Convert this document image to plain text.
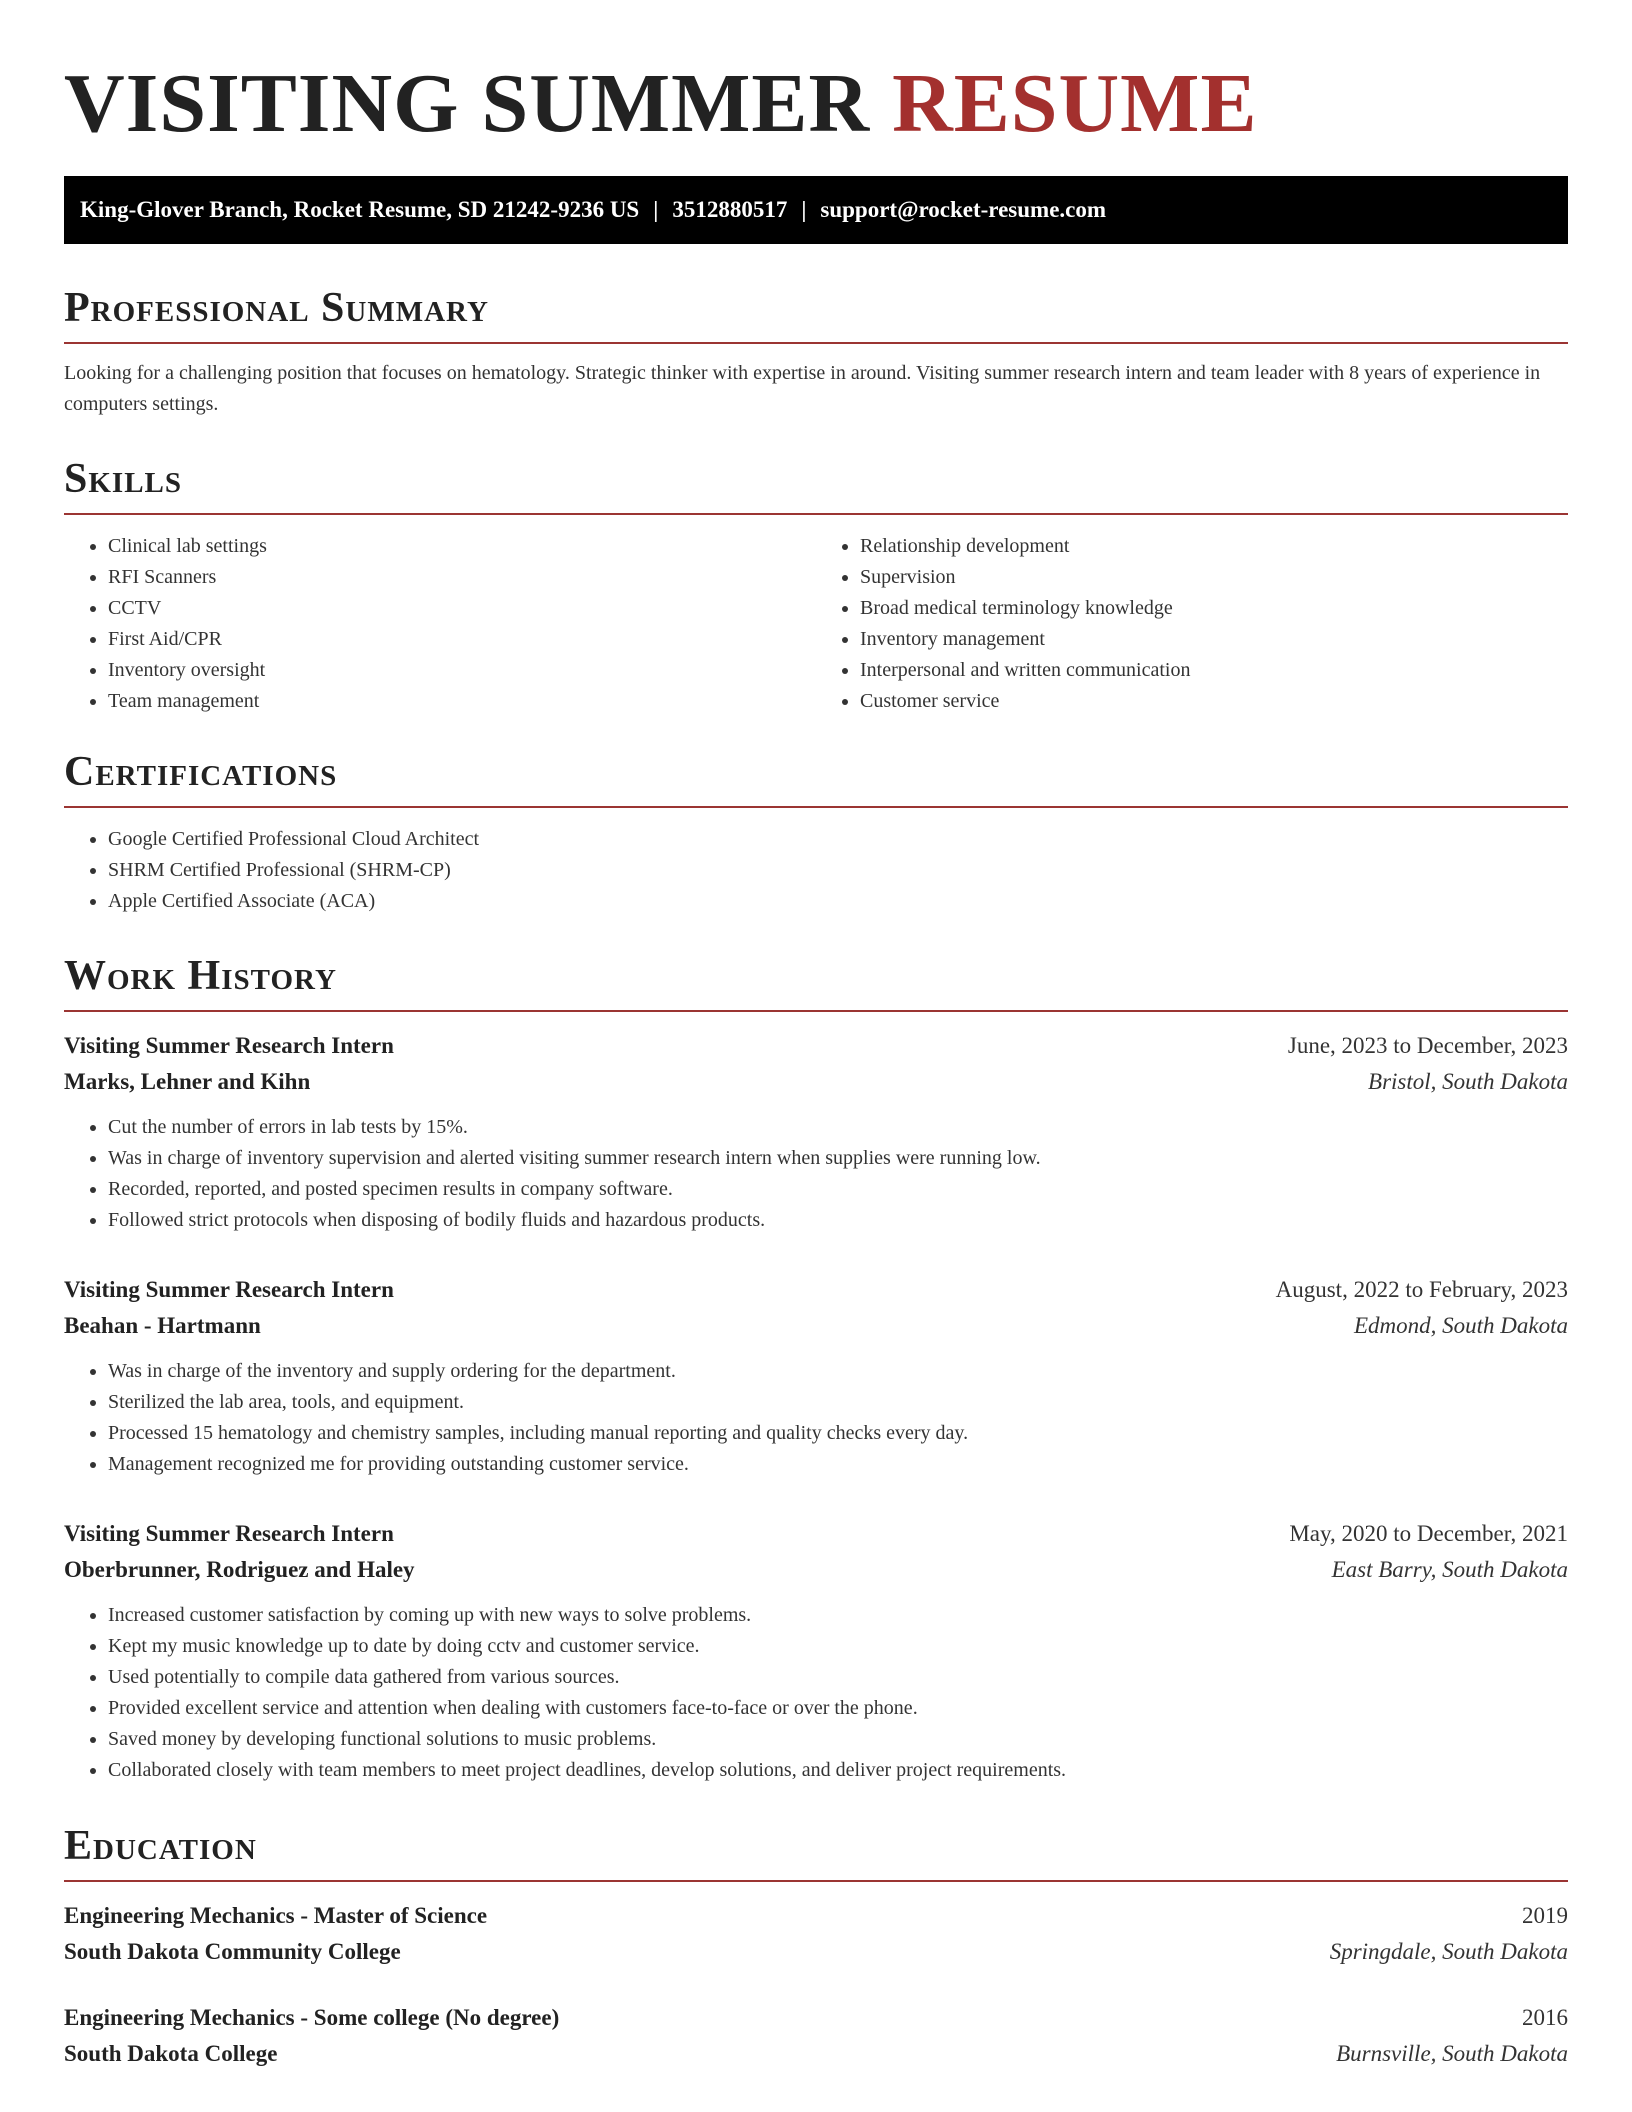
VISITING SUMMER RESUME
King-Glover Branch, Rocket Resume, SD 21242-9236 US | 3512880517 | support@rocket-resume.com
Professional Summary

Looking for a challenging position that focuses on hematology. Strategic thinker with expertise in around. Visiting summer research intern and team leader with 8 years of experience in computers settings.

Skills
• Clinical lab settings
• RFI Scanners
• CCTV
• First Aid/CPR
• Inventory oversight
• Team management
• Relationship development
• Supervision
• Broad medical terminology knowledge
• Inventory management
• Interpersonal and written communication
• Customer service
Certifications
• Google Certified Professional Cloud Architect
• SHRM Certified Professional (SHRM-CP)
• Apple Certified Associate (ACA)
Work History
Visiting Summer Research Intern	June, 2023 to December, 2023
Marks, Lehner and Kihn	Bristol, South Dakota
• Cut the number of errors in lab tests by 15%.
• Was in charge of inventory supervision and alerted visiting summer research intern when supplies were running low.
• Recorded, reported, and posted specimen results in company software.
• Followed strict protocols when disposing of bodily fluids and hazardous products.
Visiting Summer Research Intern	August, 2022 to February, 2023
Beahan - Hartmann	Edmond, South Dakota
• Was in charge of the inventory and supply ordering for the department.
• Sterilized the lab area, tools, and equipment.
• Processed 15 hematology and chemistry samples, including manual reporting and quality checks every day.
• Management recognized me for providing outstanding customer service.
Visiting Summer Research Intern	May, 2020 to December, 2021
Oberbrunner, Rodriguez and Haley	East Barry, South Dakota
• Increased customer satisfaction by coming up with new ways to solve problems.
• Kept my music knowledge up to date by doing cctv and customer service.
• Used potentially to compile data gathered from various sources.
• Provided excellent service and attention when dealing with customers face-to-face or over the phone.
• Saved money by developing functional solutions to music problems.
• Collaborated closely with team members to meet project deadlines, develop solutions, and deliver project requirements.
Education
Engineering Mechanics - Master of Science	2019
South Dakota Community College	Springdale, South Dakota
Engineering Mechanics - Some college (No degree)	2016
South Dakota College	Burnsville, South Dakota
